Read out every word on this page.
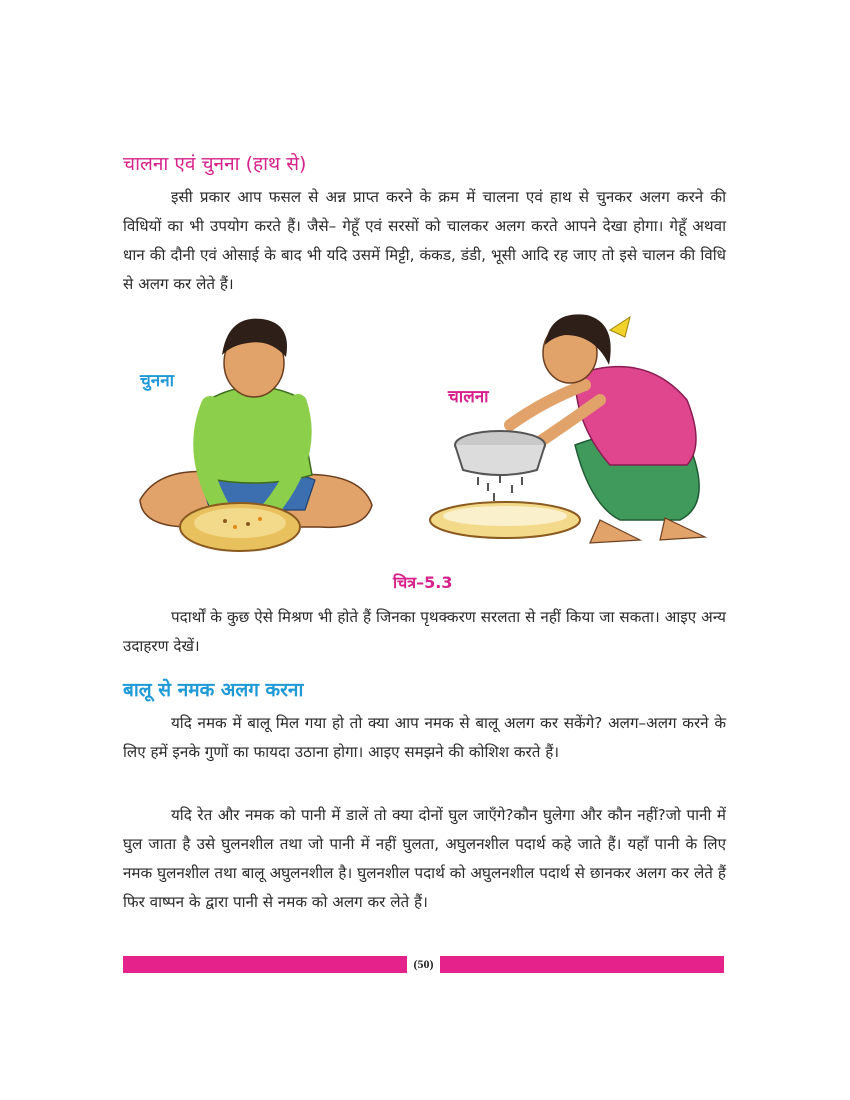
चालना एवं चुनना (हाथ से)

इसी प्रकार आप फसल से अन्न प्राप्त करने के क्रम में चालना एवं हाथ से चुनकर अलग करने की विधियों का भी उपयोग करते हैं। जैसे– गेहूँ एवं सरसों को चालकर अलग करते आपने देखा होगा। गेहूँ अथवा धान की दौनी एवं ओसाई के बाद भी यदि उसमें मिट्टी, कंकड, डंडी, भूसी आदि रह जाए तो इसे चालन की विधि से अलग कर लेते हैं।

चुनना
चालना
चित्र–5.3

पदार्थों के कुछ ऐसे मिश्रण भी होते हैं जिनका पृथक्करण सरलता से नहीं किया जा सकता। आइए अन्य उदाहरण देखें।

बालू से नमक अलग करना

यदि नमक में बालू मिल गया हो तो क्या आप नमक से बालू अलग कर सकेंगे? अलग–अलग करने के लिए हमें इनके गुणों का फायदा उठाना होगा। आइए समझने की कोशिश करते हैं।

यदि रेत और नमक को पानी में डालें तो क्या दोनों घुल जाएँगे?कौन घुलेगा और कौन नहीं?जो पानी में घुल जाता है उसे घुलनशील तथा जो पानी में नहीं घुलता, अघुलनशील पदार्थ कहे जाते हैं। यहाँ पानी के लिए नमक घुलनशील तथा बालू अघुलनशील है। घुलनशील पदार्थ को अघुलनशील पदार्थ से छानकर अलग कर लेते हैं फिर वाष्पन के द्वारा पानी से नमक को अलग कर लेते हैं।

(50)
